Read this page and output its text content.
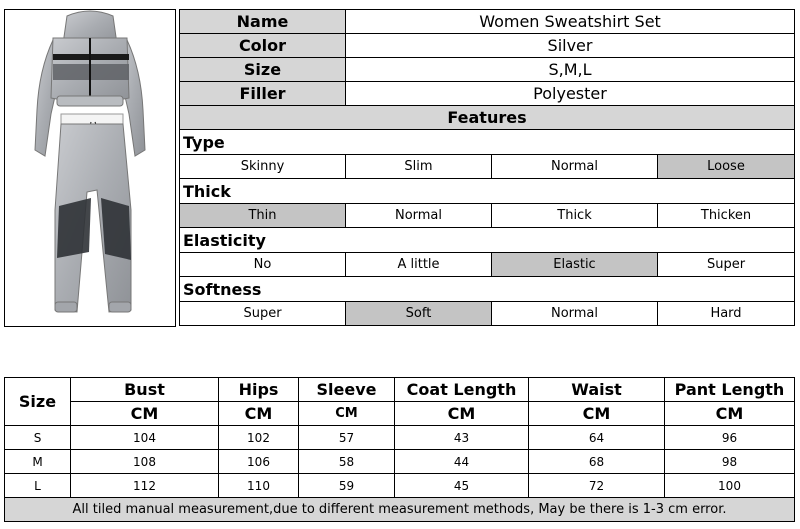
Name	Women Sweatshirt Set		
Color	Silver		
Size	S,M,L		
Filler	Polyester		
Features			
Type			
Skinny	Slim	Normal	Loose
Thick			
Thin	Normal	Thick	Thicken
Elasticity			
No	A little	Elastic	Super
Softness			
Super	Soft	Normal	Hard
Size	Bust	Hips	Sleeve	Coat Length	Waist	Pant Length
	CM	CM	CM	CM	CM	CM
S	104	102	57	43	64	96
M	108	106	58	44	68	98
L	112	110	59	45	72	100
All tiled manual measurement,due to different measurement methods, May be there is 1-3 cm error.						
